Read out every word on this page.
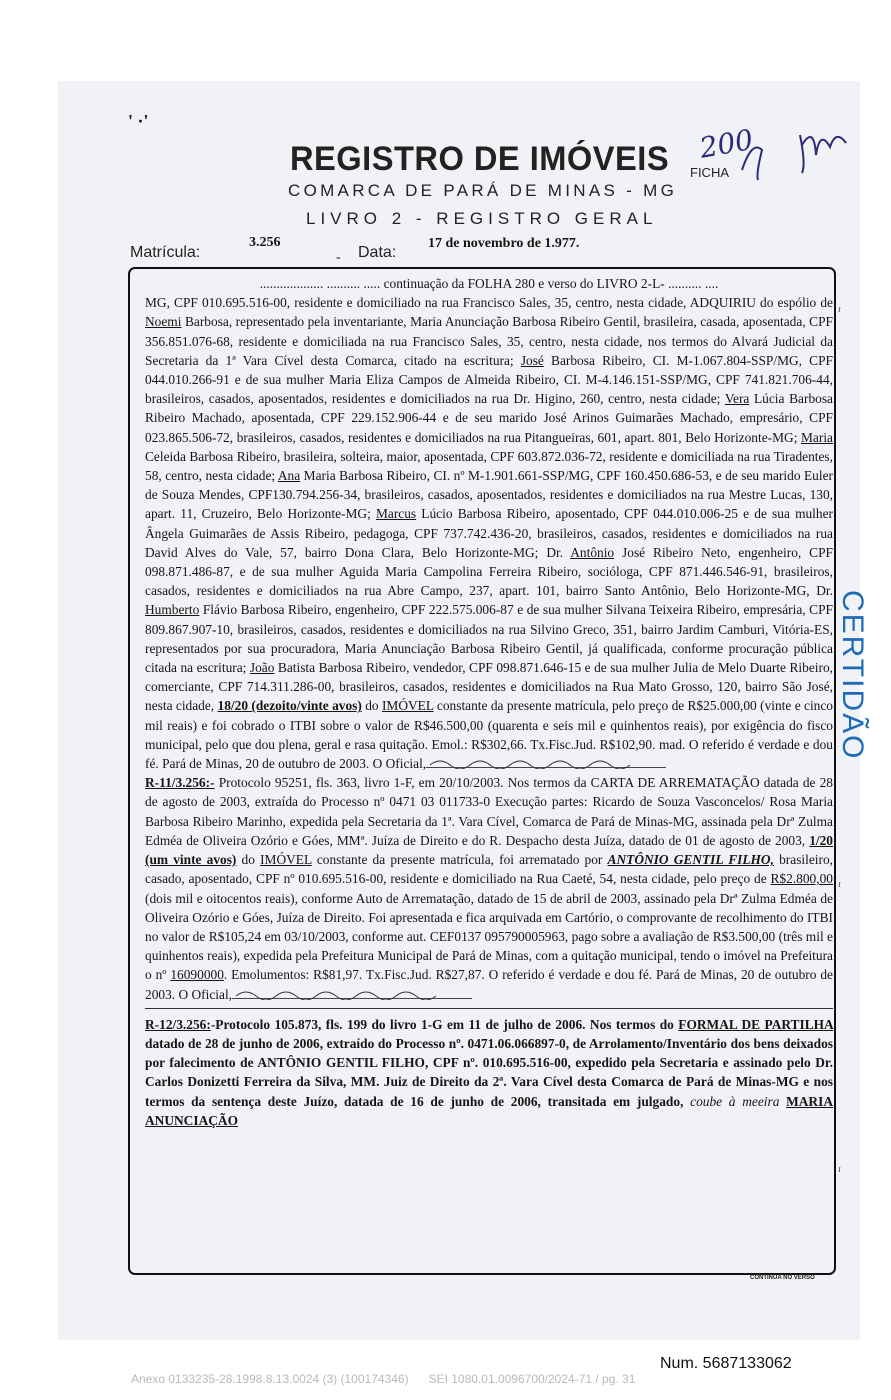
' ·'
REGISTRO DE IMÓVEIS
COMARCA DE PARÁ DE MINAS - MG
LIVRO 2 - REGISTRO GERAL
FICHA
200
Matrícula:
3.256
- Data:
17 de novembro de 1.977.

................... .......... ..... continuação da FOLHA 280 e verso do LIVRO 2-L- .......... ....

MG, CPF 010.695.516-00, residente e domiciliado na rua Francisco Sales, 35, centro, nesta cidade, ADQUIRIU do espólio de Noemi Barbosa, representado pela inventariante, Maria Anunciação Barbosa Ribeiro Gentil, brasileira, casada, aposentada, CPF 356.851.076-68, residente e domiciliada na rua Francisco Sales, 35, centro, nesta cidade, nos termos do Alvará Judicial da Secretaria da 1ª Vara Cível desta Comarca, citado na escritura; José Barbosa Ribeiro, CI. M-1.067.804-SSP/MG, CPF 044.010.266-91 e de sua mulher Maria Eliza Campos de Almeida Ribeiro, CI. M-4.146.151-SSP/MG, CPF 741.821.706-44, brasileiros, casados, aposentados, residentes e domiciliados na rua Dr. Higino, 260, centro, nesta cidade; Vera Lúcia Barbosa Ribeiro Machado, aposentada, CPF 229.152.906-44 e de seu marido José Arinos Guimarães Machado, empresário, CPF 023.865.506-72, brasileiros, casados, residentes e domiciliados na rua Pitangueiras, 601, apart. 801, Belo Horizonte-MG; Maria Celeida Barbosa Ribeiro, brasileira, solteira, maior, aposentada, CPF 603.872.036-72, residente e domiciliada na rua Tiradentes, 58, centro, nesta cidade; Ana Maria Barbosa Ribeiro, CI. nº M-1.901.661-SSP/MG, CPF 160.450.686-53, e de seu marido Euler de Souza Mendes, CPF130.794.256-34, brasileiros, casados, aposentados, residentes e domiciliados na rua Mestre Lucas, 130, apart. 11, Cruzeiro, Belo Horizonte-MG; Marcus Lúcio Barbosa Ribeiro, aposentado, CPF 044.010.006-25 e de sua mulher Ângela Guimarães de Assis Ribeiro, pedagoga, CPF 737.742.436-20, brasileiros, casados, residentes e domiciliados na rua David Alves do Vale, 57, bairro Dona Clara, Belo Horizonte-MG; Dr. Antônio José Ribeiro Neto, engenheiro, CPF 098.871.486-87, e de sua mulher Aguida Maria Campolina Ferreira Ribeiro, socióloga, CPF 871.446.546-91, brasileiros, casados, residentes e domiciliados na rua Abre Campo, 237, apart. 101, bairro Santo Antônio, Belo Horizonte-MG, Dr. Humberto Flávio Barbosa Ribeiro, engenheiro, CPF 222.575.006-87 e de sua mulher Silvana Teixeira Ribeiro, empresária, CPF 809.867.907-10, brasileiros, casados, residentes e domiciliados na rua Silvino Greco, 351, bairro Jardim Camburi, Vitória-ES, representados por sua procuradora, Maria Anunciação Barbosa Ribeiro Gentil, já qualificada, conforme procuração pública citada na escritura; João Batista Barbosa Ribeiro, vendedor, CPF 098.871.646-15 e de sua mulher Julia de Melo Duarte Ribeiro, comerciante, CPF 714.311.286-00, brasileiros, casados, residentes e domiciliados na Rua Mato Grosso, 120, bairro São José, nesta cidade, 18/20 (dezoito/vinte avos) do IMÓVEL constante da presente matrícula, pelo preço de R$25.000,00 (vinte e cinco mil reais) e foi cobrado o ITBI sobre o valor de R$46.500,00 (quarenta e seis mil e quinhentos reais), por exigência do fisco municipal, pelo que dou plena, geral e rasa quitação. Emol.: R$302,66. Tx.Fisc.Jud. R$102,90. mad. O referido é verdade e dou fé. Pará de Minas, 20 de outubro de 2003. O Oficial,

R-11/3.256:- Protocolo 95251, fls. 363, livro 1-F, em 20/10/2003. Nos termos da CARTA DE ARREMATAÇÃO datada de 28 de agosto de 2003, extraída do Processo nº 0471 03 011733-0 Execução partes: Ricardo de Souza Vasconcelos/ Rosa Maria Barbosa Ribeiro Marinho, expedida pela Secretaria da 1ª. Vara Cível, Comarca de Pará de Minas-MG, assinada pela Drª Zulma Edméa de Oliveira Ozório e Góes, MMª. Juíza de Direito e do R. Despacho desta Juíza, datado de 01 de agosto de 2003, 1/20 (um vinte avos) do IMÓVEL constante da presente matrícula, foi arrematado por ANTÔNIO GENTIL FILHO, brasileiro, casado, aposentado, CPF nº 010.695.516-00, residente e domiciliado na Rua Caeté, 54, nesta cidade, pelo preço de R$2.800,00 (dois mil e oitocentos reais), conforme Auto de Arrematação, datado de 15 de abril de 2003, assinado pela Drª Zulma Edméa de Oliveira Ozório e Góes, Juíza de Direito. Foi apresentada e fica arquivada em Cartório, o comprovante de recolhimento do ITBI no valor de R$105,24 em 03/10/2003, conforme aut. CEF0137 095790005963, pago sobre a avaliação de R$3.500,00 (três mil e quinhentos reais), expedida pela Prefeitura Municipal de Pará de Minas, com a quitação municipal, tendo o imóvel na Prefeitura o nº 16090000. Emolumentos: R$81,97. Tx.Fisc.Jud. R$27,87. O referido é verdade e dou fé. Pará de Minas, 20 de outubro de 2003. O Oficial,

R-12/3.256:-Protocolo 105.873, fls. 199 do livro 1-G em 11 de julho de 2006. Nos termos do FORMAL DE PARTILHA datado de 28 de junho de 2006, extraído do Processo nº. 0471.06.066897-0, de Arrolamento/Inventário dos bens deixados por falecimento de ANTÔNIO GENTIL FILHO, CPF nº. 010.695.516-00, expedido pela Secretaria e assinado pelo Dr. Carlos Donizetti Ferreira da Silva, MM. Juiz de Direito da 2ª. Vara Cível desta Comarca de Pará de Minas-MG e nos termos da sentença deste Juízo, datada de 16 de junho de 2006, transitada em julgado, coube à meeira MARIA ANUNCIAÇÃO

CONTINUA NO VERSO
CERTIDÃO
ı
ı
ı
Num. 5687133062
Anexo 0133235-28.1998.8.13.0024 (3) (100174346)      SEI 1080.01.0096700/2024-71 / pg. 31
